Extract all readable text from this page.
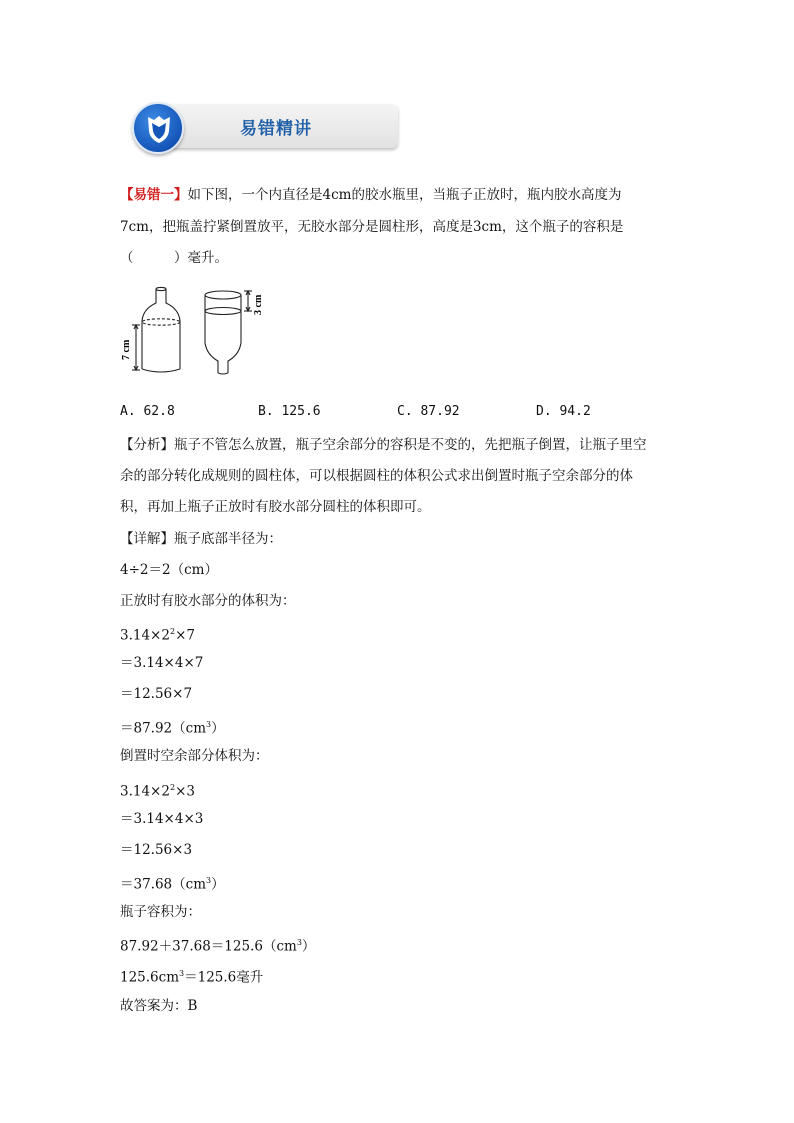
易错精讲
【易错一】如下图，一个内直径是4cm的胶水瓶里，当瓶子正放时，瓶内胶水高度为
7cm，把瓶盖拧紧倒置放平，无胶水部分是圆柱形，高度是3cm，这个瓶子的容积是
（　　　）毫升。
7 cm
3 cm
A. 62.8	B. 125.6	C. 87.92	D. 94.2
【分析】瓶子不管怎么放置，瓶子空余部分的容积是不变的，先把瓶子倒置，让瓶子里空
余的部分转化成规则的圆柱体，可以根据圆柱的体积公式求出倒置时瓶子空余部分的体
积，再加上瓶子正放时有胶水部分圆柱的体积即可。
【详解】瓶子底部半径为：
4÷2＝2（cm）
正放时有胶水部分的体积为：
$3.14\times 2^2\times 7$
＝3.14×4×7
＝12.56×7
$=87.92(cm^3)$
倒置时空余部分体积为：
$3.14\times 2^2\times 3$
＝3.14×4×3
＝12.56×3
$=37.68(cm^3)$
瓶子容积为：
$87.92+37.68=125.6(cm^3)$
$125.6cm^3=125.6$毫升
故答案为：B
